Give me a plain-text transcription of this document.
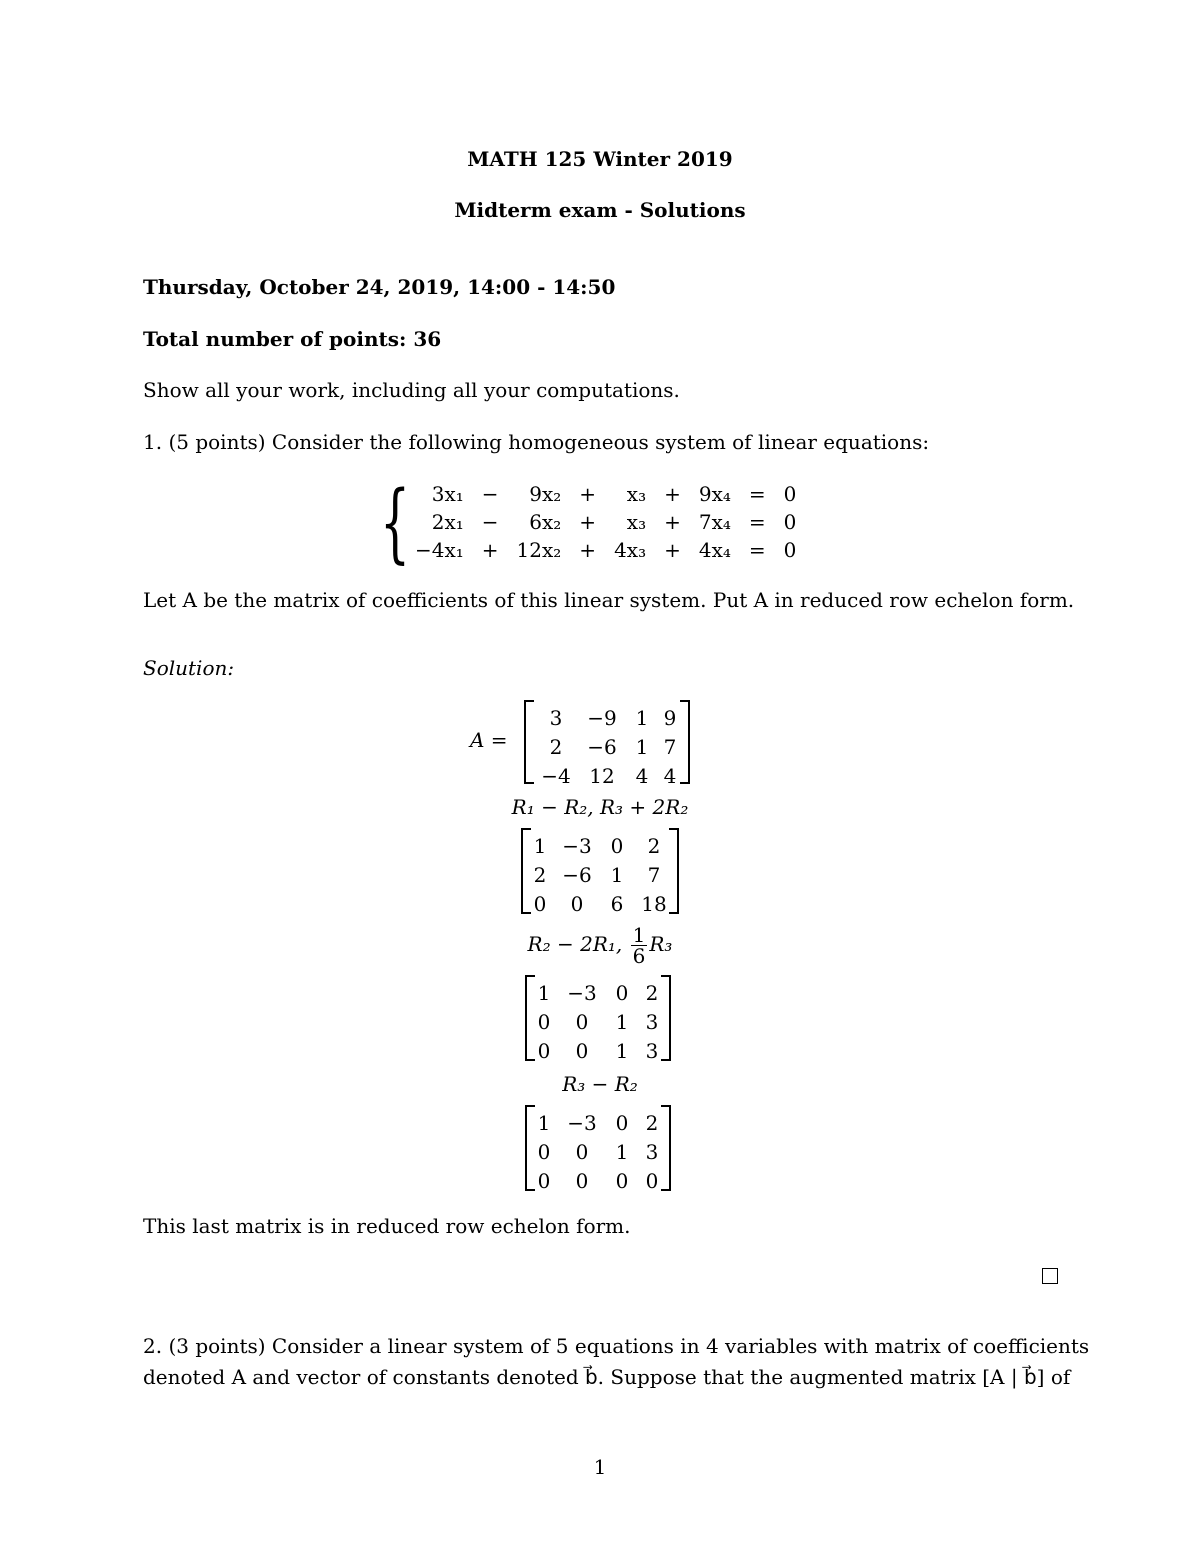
MATH 125 Winter 2019
Midterm exam - Solutions
Thursday, October 24, 2019, 14:00 - 14:50
Total number of points: 36
Show all your work, including all your computations.
1. (5 points) Consider the following homogeneous system of linear equations:
{ 3x₁	−	9x₂	+	x₃	+	9x₄	=	0
2x₁	−	6x₂	+	x₃	+	7x₄	=	0
−4x₁	+	12x₂	+	4x₃	+	4x₄	=	0
Let A be the matrix of coefficients of this linear system. Put A in reduced row echelon form.
Solution:
A =
3	−9	1	9
2	−6	1	7
−4	12	4	4
R₁ − R₂, R₃ + 2R₂
1	−3	0	2
2	−6	1	7
0	0	6	18
R₂ − 2R₁, $\frac{1}{6} R_3$
1	−3	0	2
0	0	1	3
0	0	1	3
R₃ − R₂
1	−3	0	2
0	0	1	3
0	0	0	0
This last matrix is in reduced row echelon form.
2. (3 points) Consider a linear system of 5 equations in 4 variables with matrix of coefficients
denoted A and vector of constants denoted b⃗. Suppose that the augmented matrix [A | b⃗] of
1
